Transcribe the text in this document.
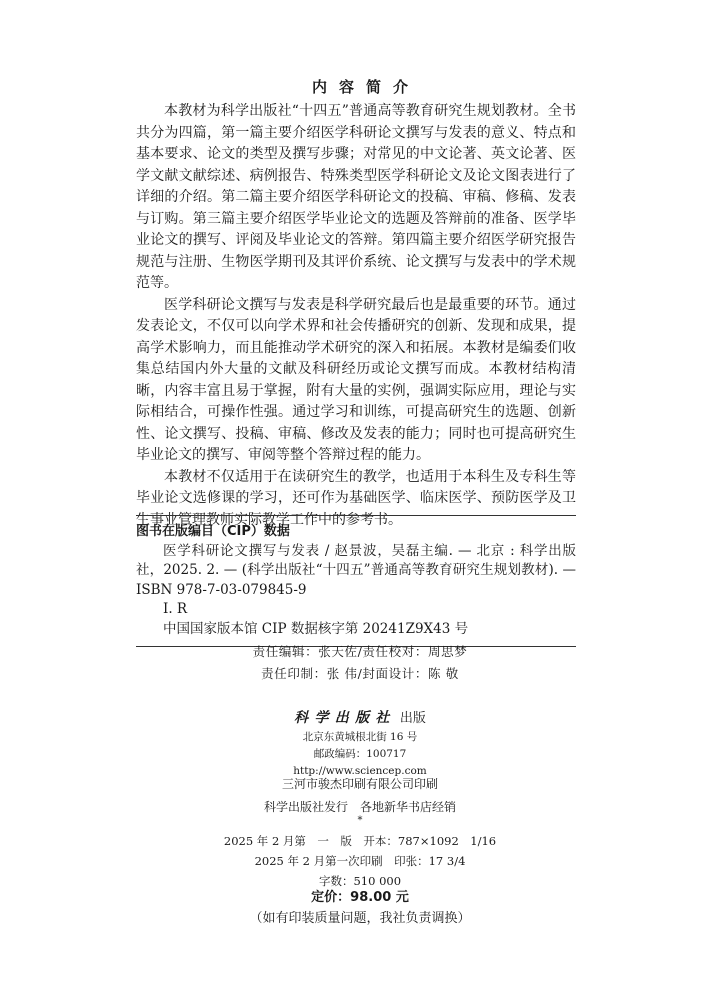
内容简介

本教材为科学出版社“十四五”普通高等教育研究生规划教材。全书共分为四篇，第一篇主要介绍医学科研论文撰写与发表的意义、特点和基本要求、论文的类型及撰写步骤；对常见的中文论著、英文论著、医学文献文献综述、病例报告、特殊类型医学科研论文及论文图表进行了详细的介绍。第二篇主要介绍医学科研论文的投稿、审稿、修稿、发表与订购。第三篇主要介绍医学毕业论文的选题及答辩前的准备、医学毕业论文的撰写、评阅及毕业论文的答辩。第四篇主要介绍医学研究报告规范与注册、生物医学期刊及其评价系统、论文撰写与发表中的学术规范等。

医学科研论文撰写与发表是科学研究最后也是最重要的环节。通过发表论文，不仅可以向学术界和社会传播研究的创新、发现和成果，提高学术影响力，而且能推动学术研究的深入和拓展。本教材是编委们收集总结国内外大量的文献及科研经历或论文撰写而成。本教材结构清晰，内容丰富且易于掌握，附有大量的实例，强调实际应用，理论与实际相结合，可操作性强。通过学习和训练，可提高研究生的选题、创新性、论文撰写、投稿、审稿、修改及发表的能力；同时也可提高研究生毕业论文的撰写、审阅等整个答辩过程的能力。

本教材不仅适用于在读研究生的教学，也适用于本科生及专科生等毕业论文选修课的学习，还可作为基础医学、临床医学、预防医学及卫生事业管理教师实际教学工作中的参考书。

图书在版编目（CIP）数据
医学科研论文撰写与发表 / 赵景波，吴磊主编. — 北京 : 科学出版社，2025. 2. — (科学出版社“十四五”普通高等教育研究生规划教材). — ISBN 978-7-03-079845-9
Ⅰ. R
中国国家版本馆 CIP 数据核字第 20241Z9X43 号
责任编辑：张天佐/责任校对：周思梦
责任印制：张 伟/封面设计：陈 敬
科学出版社 出版
北京东黄城根北街 16 号
邮政编码：100717
http://www.sciencep.com
三河市骏杰印刷有限公司印刷
科学出版社发行　各地新华书店经销
*
2025 年 2 月第　一　版　开本：787×1092　1/16
2025 年 2 月第一次印刷　印张：17 3/4
字数：510 000
定价：98.00 元
（如有印装质量问题，我社负责调换）
